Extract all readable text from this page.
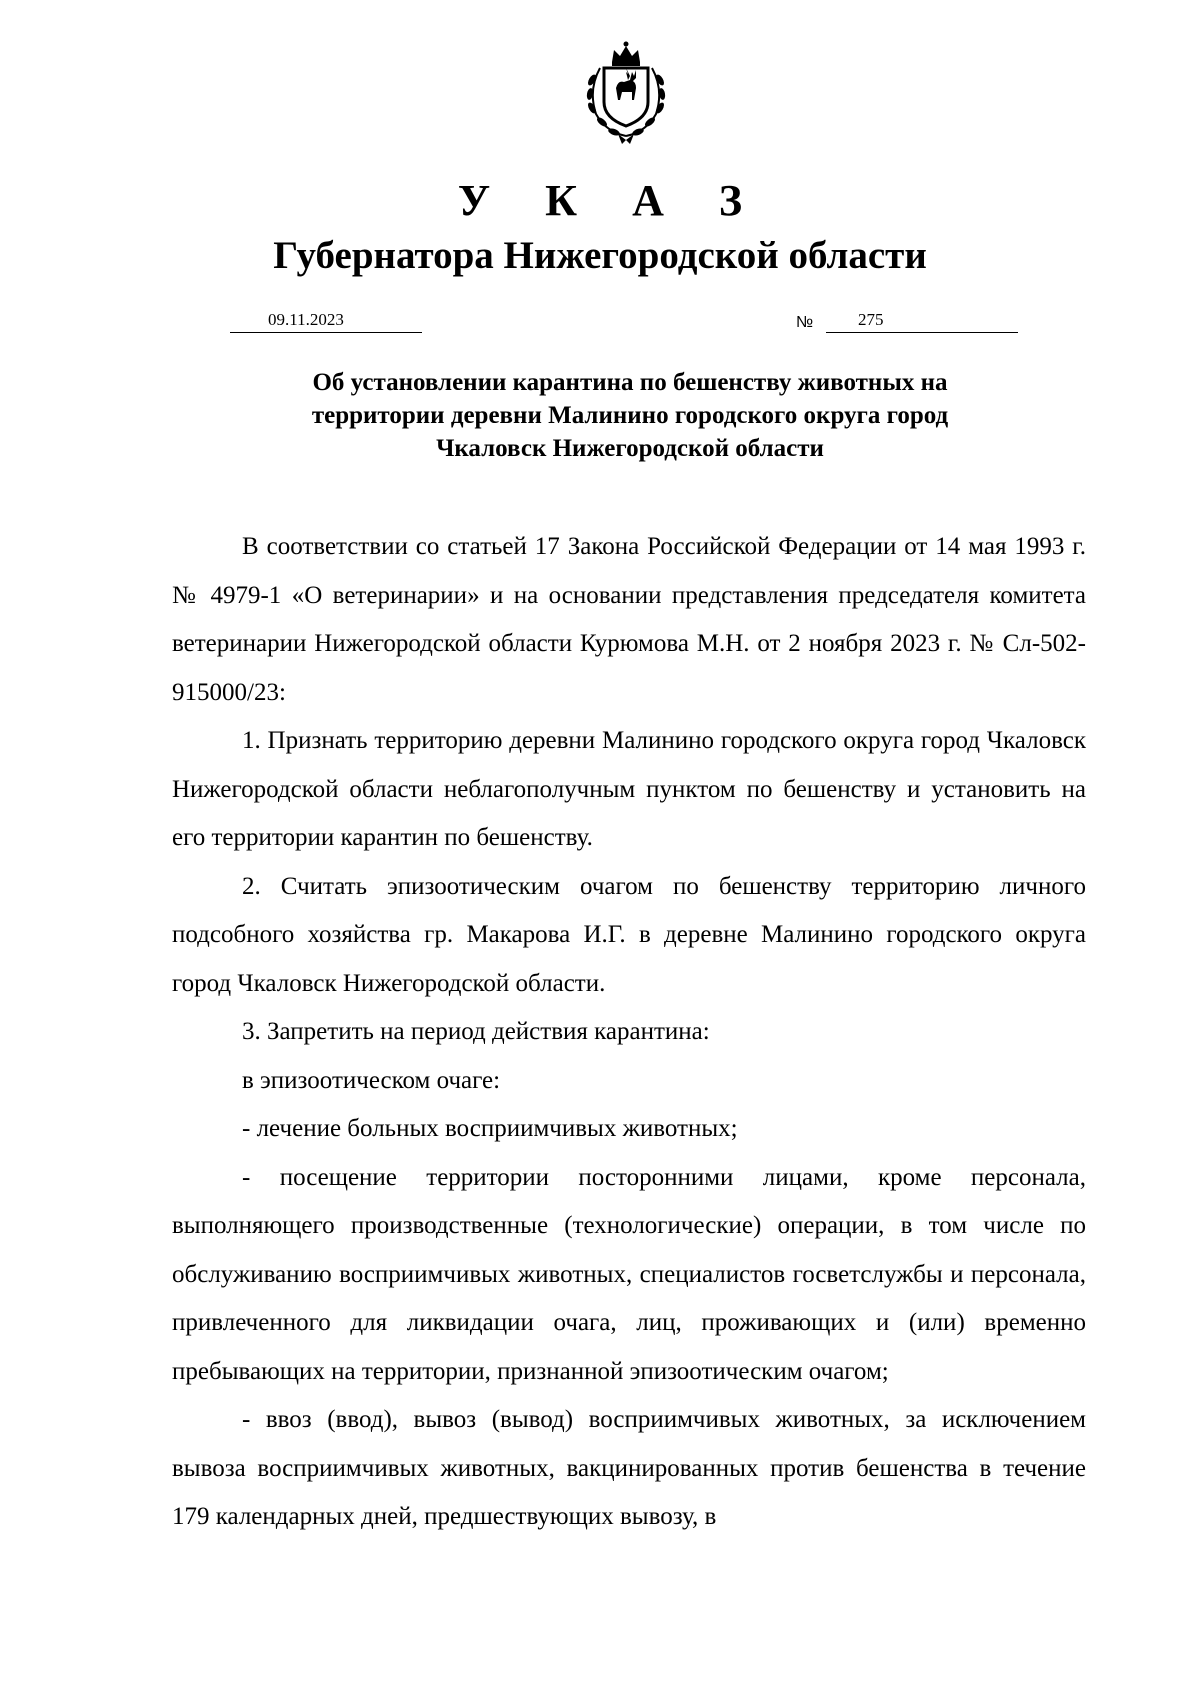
У К А З
Губернатора Нижегородской области
09.11.2023	№	275
Об установлении карантина по бешенству животных на
территории деревни Малинино городского округа город
Чкаловск Нижегородской области

В соответствии со статьей 17 Закона Российской Федерации от 14 мая 1993 г. № 4979-1 «О ветеринарии» и на основании представления председателя комитета ветеринарии Нижегородской области Курюмова М.Н. от 2 ноября 2023 г. № Сл-502- 915000/23:

1. Признать территорию деревни Малинино городского округа город Чкаловск Нижегородской области неблагополучным пунктом по бешенству и установить на его территории карантин по бешенству.

2. Считать эпизоотическим очагом по бешенству территорию личного подсобного хозяйства гр. Макарова И.Г. в деревне Малинино городского округа город Чкаловск Нижегородской области.

3. Запретить на период действия карантина:

в эпизоотическом очаге:

- лечение больных восприимчивых животных;

- посещение территории посторонними лицами, кроме персонала, выполняющего производственные (технологические) операции, в том числе по обслуживанию восприимчивых животных, специалистов госветслужбы и персонала, привлеченного для ликвидации очага, лиц, проживающих и (или) временно пребывающих на территории, признанной эпизоотическим очагом;

- ввоз (ввод), вывоз (вывод) восприимчивых животных, за исключением вывоза восприимчивых животных, вакцинированных против бешенства в течение 179 календарных дней, предшествующих вывозу, в
